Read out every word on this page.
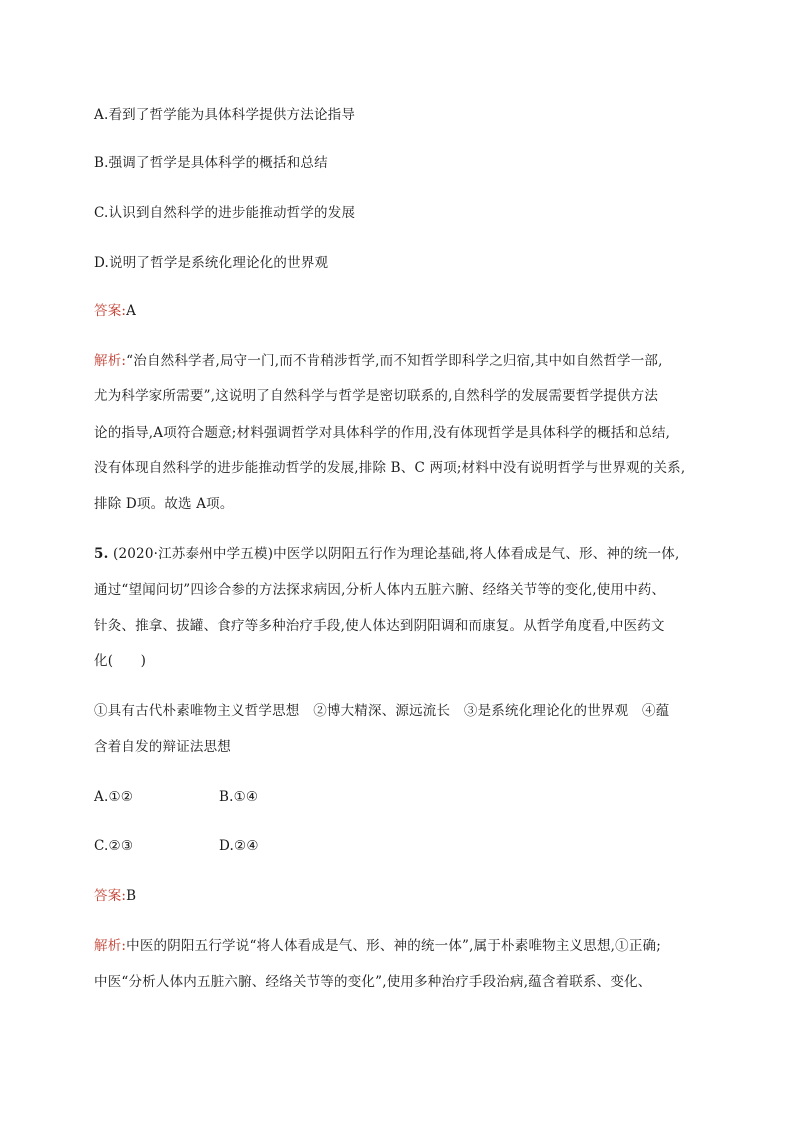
A.看到了哲学能为具体科学提供方法论指导
B.强调了哲学是具体科学的概括和总结
C.认识到自然科学的进步能推动哲学的发展
D.说明了哲学是系统化理论化的世界观
答案:A
解析:“治自然科学者,局守一门,而不肯稍涉哲学,而不知哲学即科学之归宿,其中如自然哲学一部,
尤为科学家所需要”,这说明了自然科学与哲学是密切联系的,自然科学的发展需要哲学提供方法
论的指导,A项符合题意;材料强调哲学对具体科学的作用,没有体现哲学是具体科学的概括和总结,
没有体现自然科学的进步能推动哲学的发展,排除 B、C 两项;材料中没有说明哲学与世界观的关系,
排除 D项。故选 A项。
5. (2020·江苏泰州中学五模)中医学以阴阳五行作为理论基础,将人体看成是气、形、神的统一体,
通过“望闻问切”四诊合参的方法探求病因,分析人体内五脏六腑、经络关节等的变化,使用中药、
针灸、推拿、拔罐、食疗等多种治疗手段,使人体达到阴阳调和而康复。从哲学角度看,中医药文
化(　　)
①具有古代朴素唯物主义哲学思想　②博大精深、源远流长　③是系统化理论化的世界观　④蕴
含着自发的辩证法思想
A.①②	B.①④
C.②③	D.②④
答案:B
解析:中医的阴阳五行学说“将人体看成是气、形、神的统一体”,属于朴素唯物主义思想,①正确;
中医“分析人体内五脏六腑、经络关节等的变化”,使用多种治疗手段治病,蕴含着联系、变化、
